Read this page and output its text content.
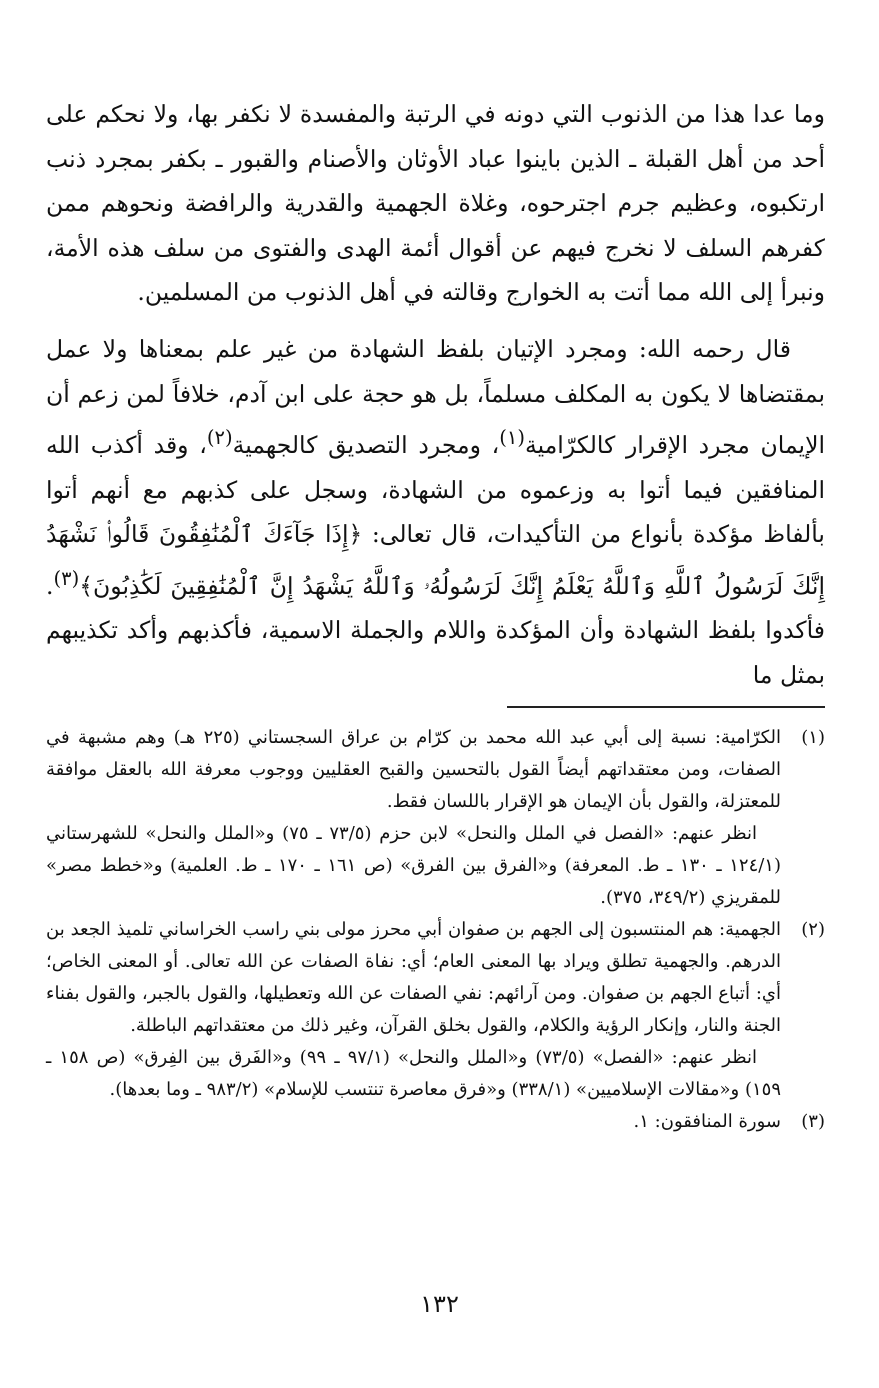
وما عدا هذا من الذنوب التي دونه في الرتبة والمفسدة لا نكفر بها، ولا نحكم على أحد من أهل القبلة ـ الذين باينوا عباد الأوثان والأصنام والقبور ـ بكفر بمجرد ذنب ارتكبوه، وعظيم جرم اجترحوه، وغلاة الجهمية والقدرية والرافضة ونحوهم ممن كفرهم السلف لا نخرج فيهم عن أقوال أئمة الهدى والفتوى من سلف هذه الأمة، ونبرأ إلى الله مما أتت به الخوارج وقالته في أهل الذنوب من المسلمين.

قال رحمه الله: ومجرد الإتيان بلفظ الشهادة من غير علم بمعناها ولا عمل بمقتضاها لا يكون به المكلف مسلماً، بل هو حجة على ابن آدم، خلافاً لمن زعم أن الإيمان مجرد الإقرار كالكرّامية$^{(١)}$، ومجرد التصديق كالجهمية$^{(٢)}$، وقد أكذب الله المنافقين فيما أتوا به وزعموه من الشهادة، وسجل على كذبهم مع أنهم أتوا بألفاظ مؤكدة بأنواع من التأكيدات، قال تعالى: ﴿إِذَا جَآءَكَ ٱلْمُنَٰفِقُونَ قَالُوا۟ نَشْهَدُ إِنَّكَ لَرَسُولُ ٱللَّهِ وَٱللَّهُ يَعْلَمُ إِنَّكَ لَرَسُولُهُۥ وَٱللَّهُ يَشْهَدُ إِنَّ ٱلْمُنَٰفِقِينَ لَكَٰذِبُونَ﴾$^{(٣)}$. فأكدوا بلفظ الشهادة وأن المؤكدة واللام والجملة الاسمية، فأكذبهم وأكد تكذيبهم بمثل ما

(١)

الكرّامية: نسبة إلى أبي عبد الله محمد بن كرّام بن عراق السجستاني (٢٢٥ هـ) وهم مشبهة في الصفات، ومن معتقداتهم أيضاً القول بالتحسين والقبح العقليين ووجوب معرفة الله بالعقل موافقة للمعتزلة، والقول بأن الإيمان هو الإقرار باللسان فقط.

انظر عنهم: «الفصل في الملل والنحل» لابن حزم (٧٣/٥ ـ ٧٥) و«الملل والنحل» للشهرستاني (١٢٤/١ ـ ١٣٠ ـ ط. المعرفة) و«الفرق بين الفرق» (ص ١٦١ ـ ١٧٠ ـ ط. العلمية) و«خطط مصر» للمقريزي (٣٤٩/٢، ٣٧٥).

(٢)

الجهمية: هم المنتسبون إلى الجهم بن صفوان أبي محرز مولى بني راسب الخراساني تلميذ الجعد بن الدرهم. والجهمية تطلق ويراد بها المعنى العام؛ أي: نفاة الصفات عن الله تعالى. أو المعنى الخاص؛ أي: أتباع الجهم بن صفوان. ومن آرائهم: نفي الصفات عن الله وتعطيلها، والقول بالجبر، والقول بفناء الجنة والنار، وإنكار الرؤية والكلام، والقول بخلق القرآن، وغير ذلك من معتقداتهم الباطلة.

انظر عنهم: «الفصل» (٧٣/٥) و«الملل والنحل» (٩٧/١ ـ ٩٩) و«الفَرق بين الفِرق» (ص ١٥٨ ـ ١٥٩) و«مقالات الإسلاميين» (٣٣٨/١) و«فرق معاصرة تنتسب للإسلام» (٩٨٣/٢ ـ وما بعدها).

(٣)

سورة المنافقون: ١.

١٣٢
